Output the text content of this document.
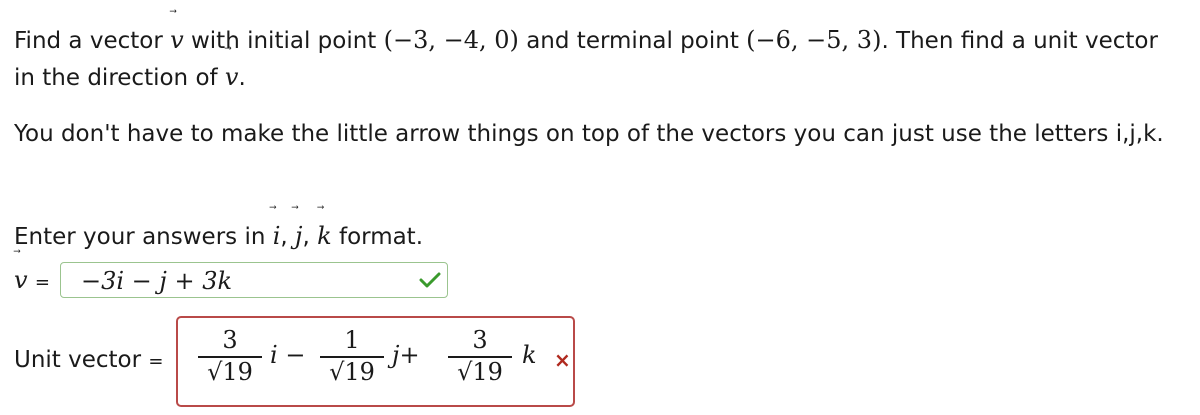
Find a vector v
with initial point (−3, −4, 0) and terminal point (−6, −5, 3). Then find a unit vector in the direction of v
.
You don't have to make the little arrow things on top of the vectors you can just use the letters i,j,k.
Enter your answers in i
, j
, k
format.
v = −3i − j + 3k
Unit vector =
3
√19
i −
1
√19
j+
3
√19
k ×
